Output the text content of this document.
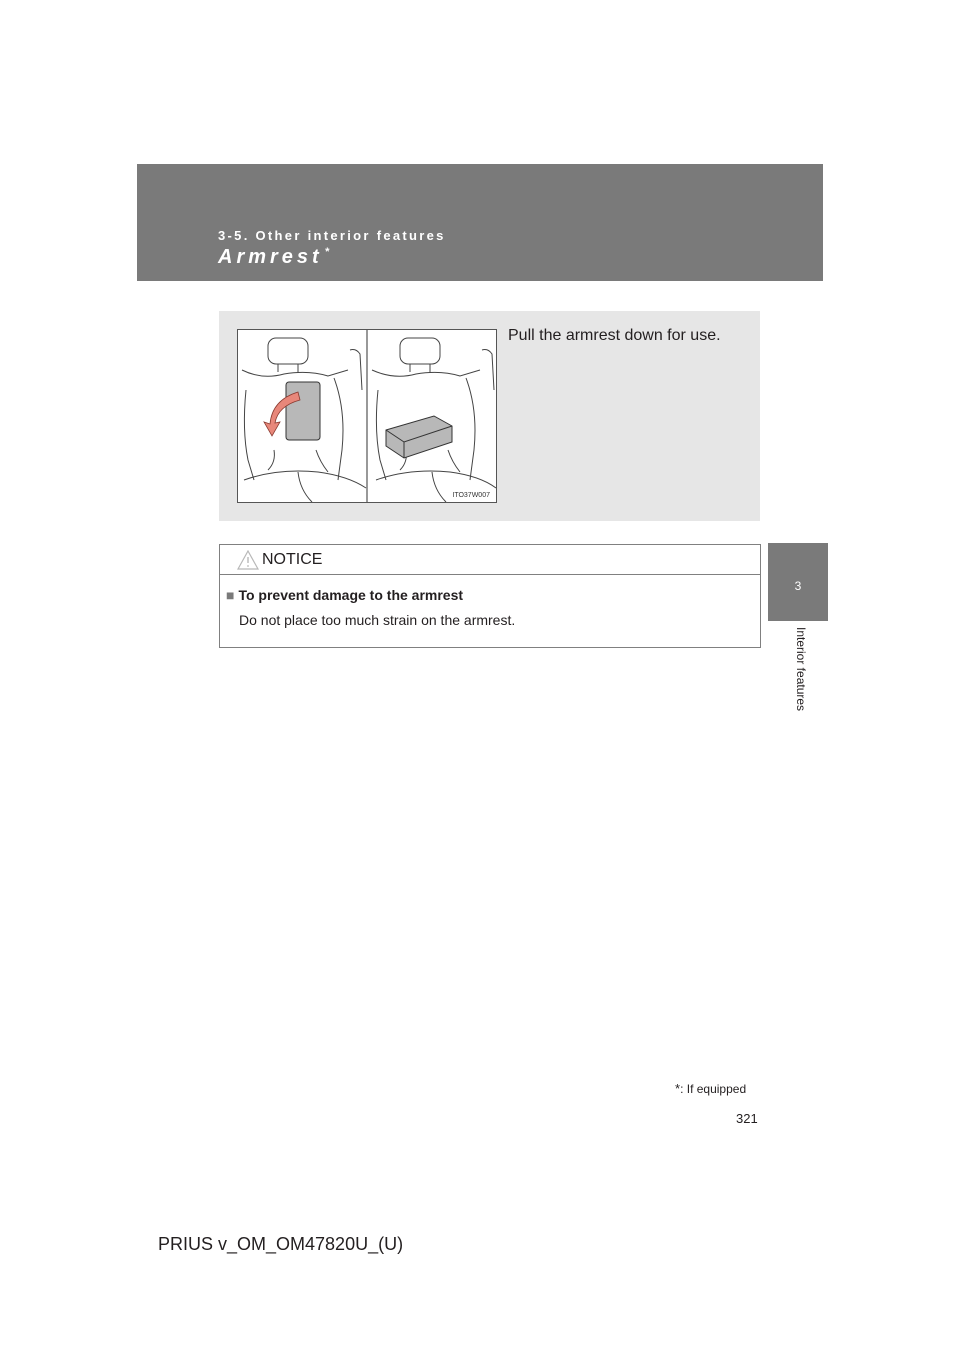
3-5. Other interior features
Armrest *
3
Interior features
ITO37W007
Pull the armrest down for use.
NOTICE
■ To prevent damage to the armrest
Do not place too much strain on the armrest.
*: If equipped
321
PRIUS v_OM_OM47820U_(U)
